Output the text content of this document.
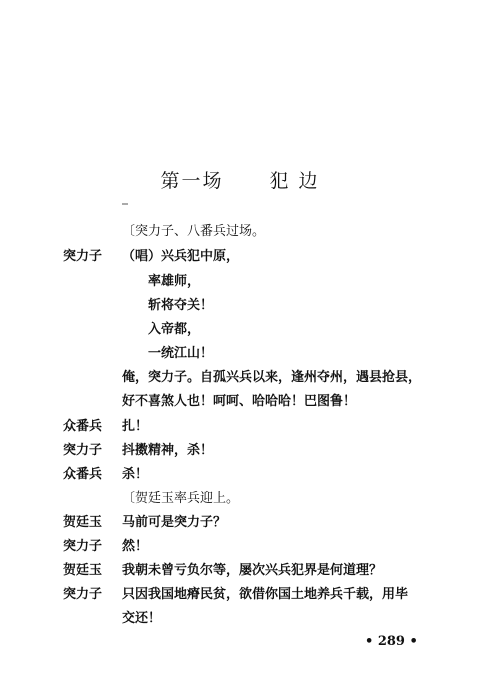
第一场 犯边
〔突力子、八番兵过场。
突力子 （唱）兴兵犯中原，
率雄师，
斩将夺关！
入帝都，
一统江山！
俺，突力子。自孤兴兵以来，逢州夺州，遇县抢县，
好不喜煞人也！呵呵、哈哈哈！巴图鲁！
众番兵 扎！
突力子 抖擞精神，杀！
众番兵 杀！
〔贺廷玉率兵迎上。
贺廷玉 马前可是突力子？
突力子 然！
贺廷玉 我朝未曾亏负尔等，屡次兴兵犯界是何道理？
突力子 只因我国地瘠民贫，欲借你国土地养兵千载，用毕
交还！
• 289 •
